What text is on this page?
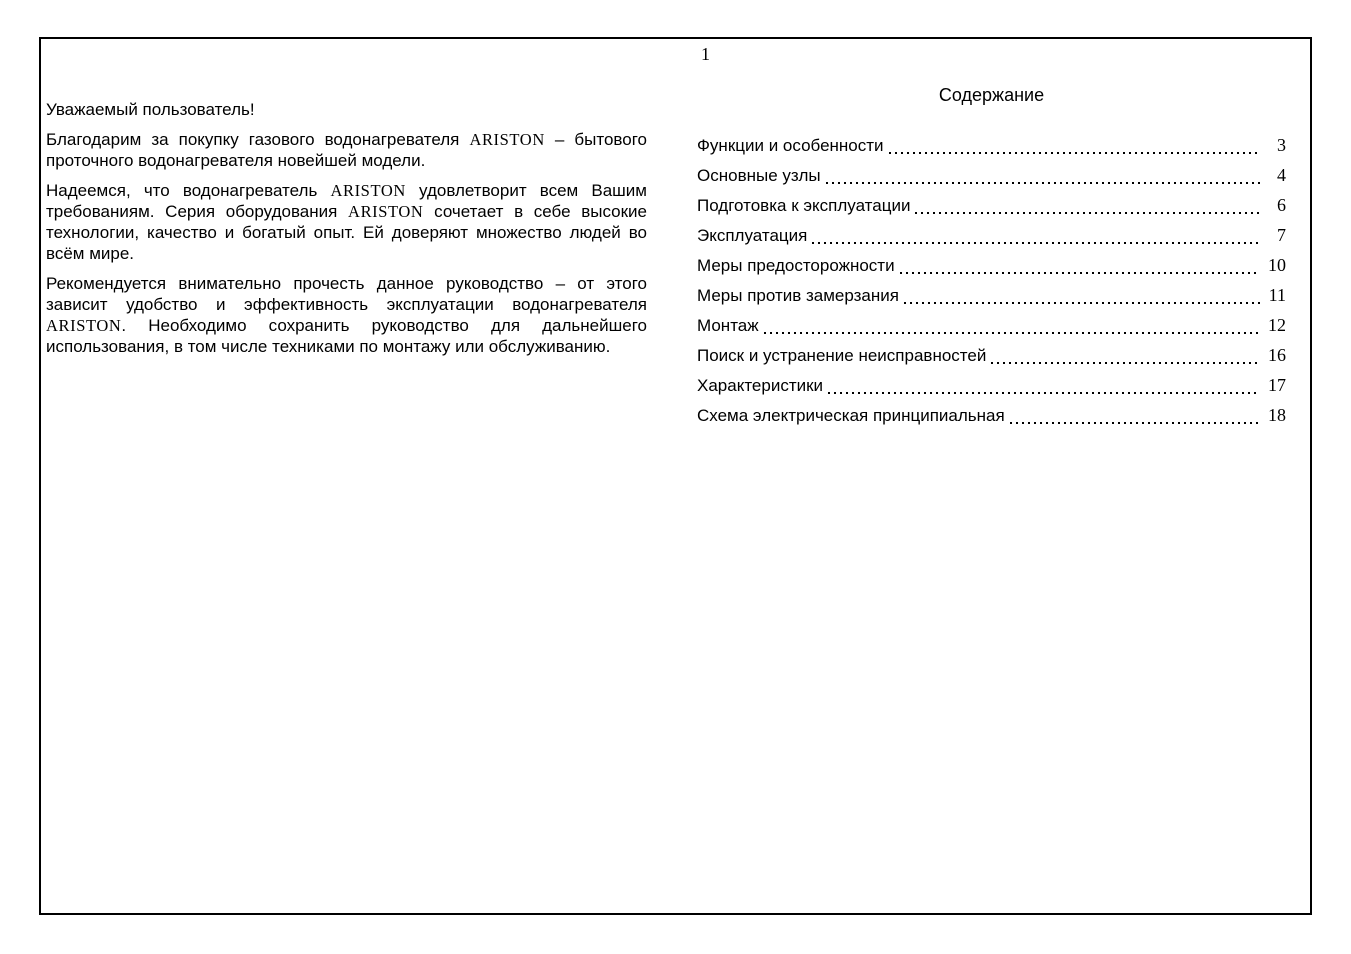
1

Уважаемый пользователь!

Благодарим за покупку газового водонагревателя ARISTON – бытового проточного водонагревателя новейшей модели.

Надеемся, что водонагреватель ARISTON удовлетворит всем Вашим требованиям. Серия оборудования ARISTON сочетает в себе высокие технологии, качество и богатый опыт. Ей доверяют множество людей во всём мире.

Рекомендуется внимательно прочесть данное руководство – от этого зависит удобство и эффективность эксплуатации водонагревателя ARISTON. Необходимо сохранить руководство для дальнейшего использования, в том числе техниками по монтажу или обслуживанию.

Содержание
Функции и особенности	3
Основные узлы	4
Подготовка к эксплуатации	6
Эксплуатация	7
Меры предосторожности	10
Меры против замерзания	11
Монтаж	12
Поиск и устранение неисправностей	16
Характеристики	17
Схема электрическая принципиальная	18
